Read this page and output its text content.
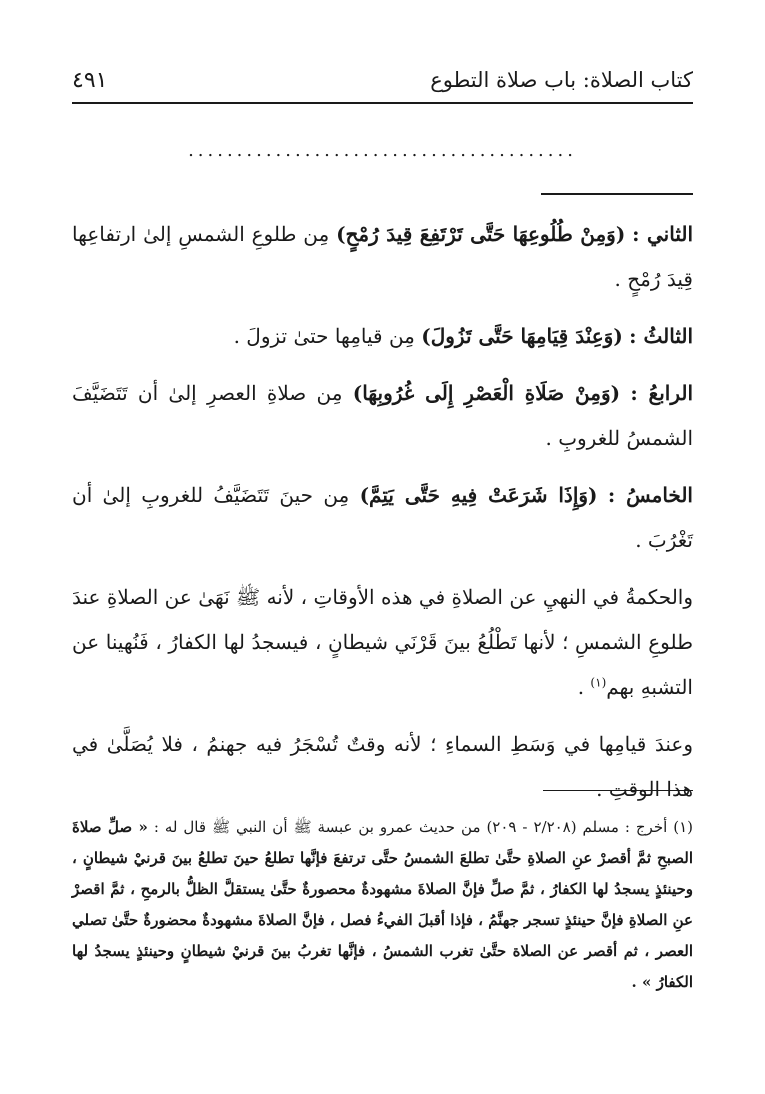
كتاب الصلاة: باب صلاة التطوع
٤٩١
........................................

الثاني : (وَمِنْ طُلُوعِهَا حَتَّى تَرْتَفِعَ قِيدَ رُمْحٍ) مِن طلوعِ الشمسِ إلىٰ ارتفاعِها قِيدَ رُمْحٍ .

الثالثُ : (وَعِنْدَ قِيَامِهَا حَتَّى تَزُولَ) مِن قيامِها حتىٰ تزولَ .

الرابعُ : (وَمِنْ صَلَاةِ الْعَصْرِ إِلَى غُرُوبِهَا) مِن صلاةِ العصرِ إلىٰ أن تَتَضَيَّفَ الشمسُ للغروبِ .

الخامسُ : (وَإِذَا شَرَعَتْ فِيهِ حَتَّى يَتِمَّ) مِن حينَ تَتَضَيَّفُ للغروبِ إلىٰ أن تَغْرُبَ .

والحكمةُ في النهيِ عن الصلاةِ في هذه الأوقاتِ ، لأنه ﷺ نَهَىٰ عن الصلاةِ عندَ طلوعِ الشمسِ ؛ لأنها تَطْلُعُ بينَ قَرْنَي شيطانٍ ، فيسجدُ لها الكفارُ ، فَنُهينا عن التشبهِ بهم$^{(١)}$ .

وعندَ قيامِها في وَسَطِ السماءِ ؛ لأنه وقتٌ تُسْجَرُ فيه جهنمُ ، فلا يُصَلَّىٰ في هذا الوقتِ .

(١) أخرج : مسلم (٢/٢٠٨ - ٢٠٩) من حديث عمرو بن عبسة ﷺ أن النبي ﷺ قال له : « صلِّ صلاةَ الصبحِ ثمَّ أقصرْ عنِ الصلاةِ حتَّىٰ تطلعَ الشمسُ حتَّى ترتفعَ فإنَّها تطلعُ حينَ تطلعُ بينَ قرنيْ شيطانٍ ، وحينئذٍ يسجدُ لها الكفارُ ، ثمَّ صلِّ فإنَّ الصلاةَ مشهودةٌ محصورةٌ حتَّىٰ يستقلَّ الظلُّ بالرمحِ ، ثمَّ اقصرْ عنِ الصلاةِ فإنَّ حينئذٍ تسجر جهنَّمُ ، فإذا أقبلَ الفيءُ فصل ، فإنَّ الصلاةَ مشهودةٌ محضورةٌ حتَّىٰ تصلي العصر ، ثم أقصر عن الصلاة حتَّىٰ تغرب الشمسُ ، فإنَّها تغربُ بينَ قرنيْ شيطانٍ وحينئذٍ يسجدُ لها الكفارُ » .
